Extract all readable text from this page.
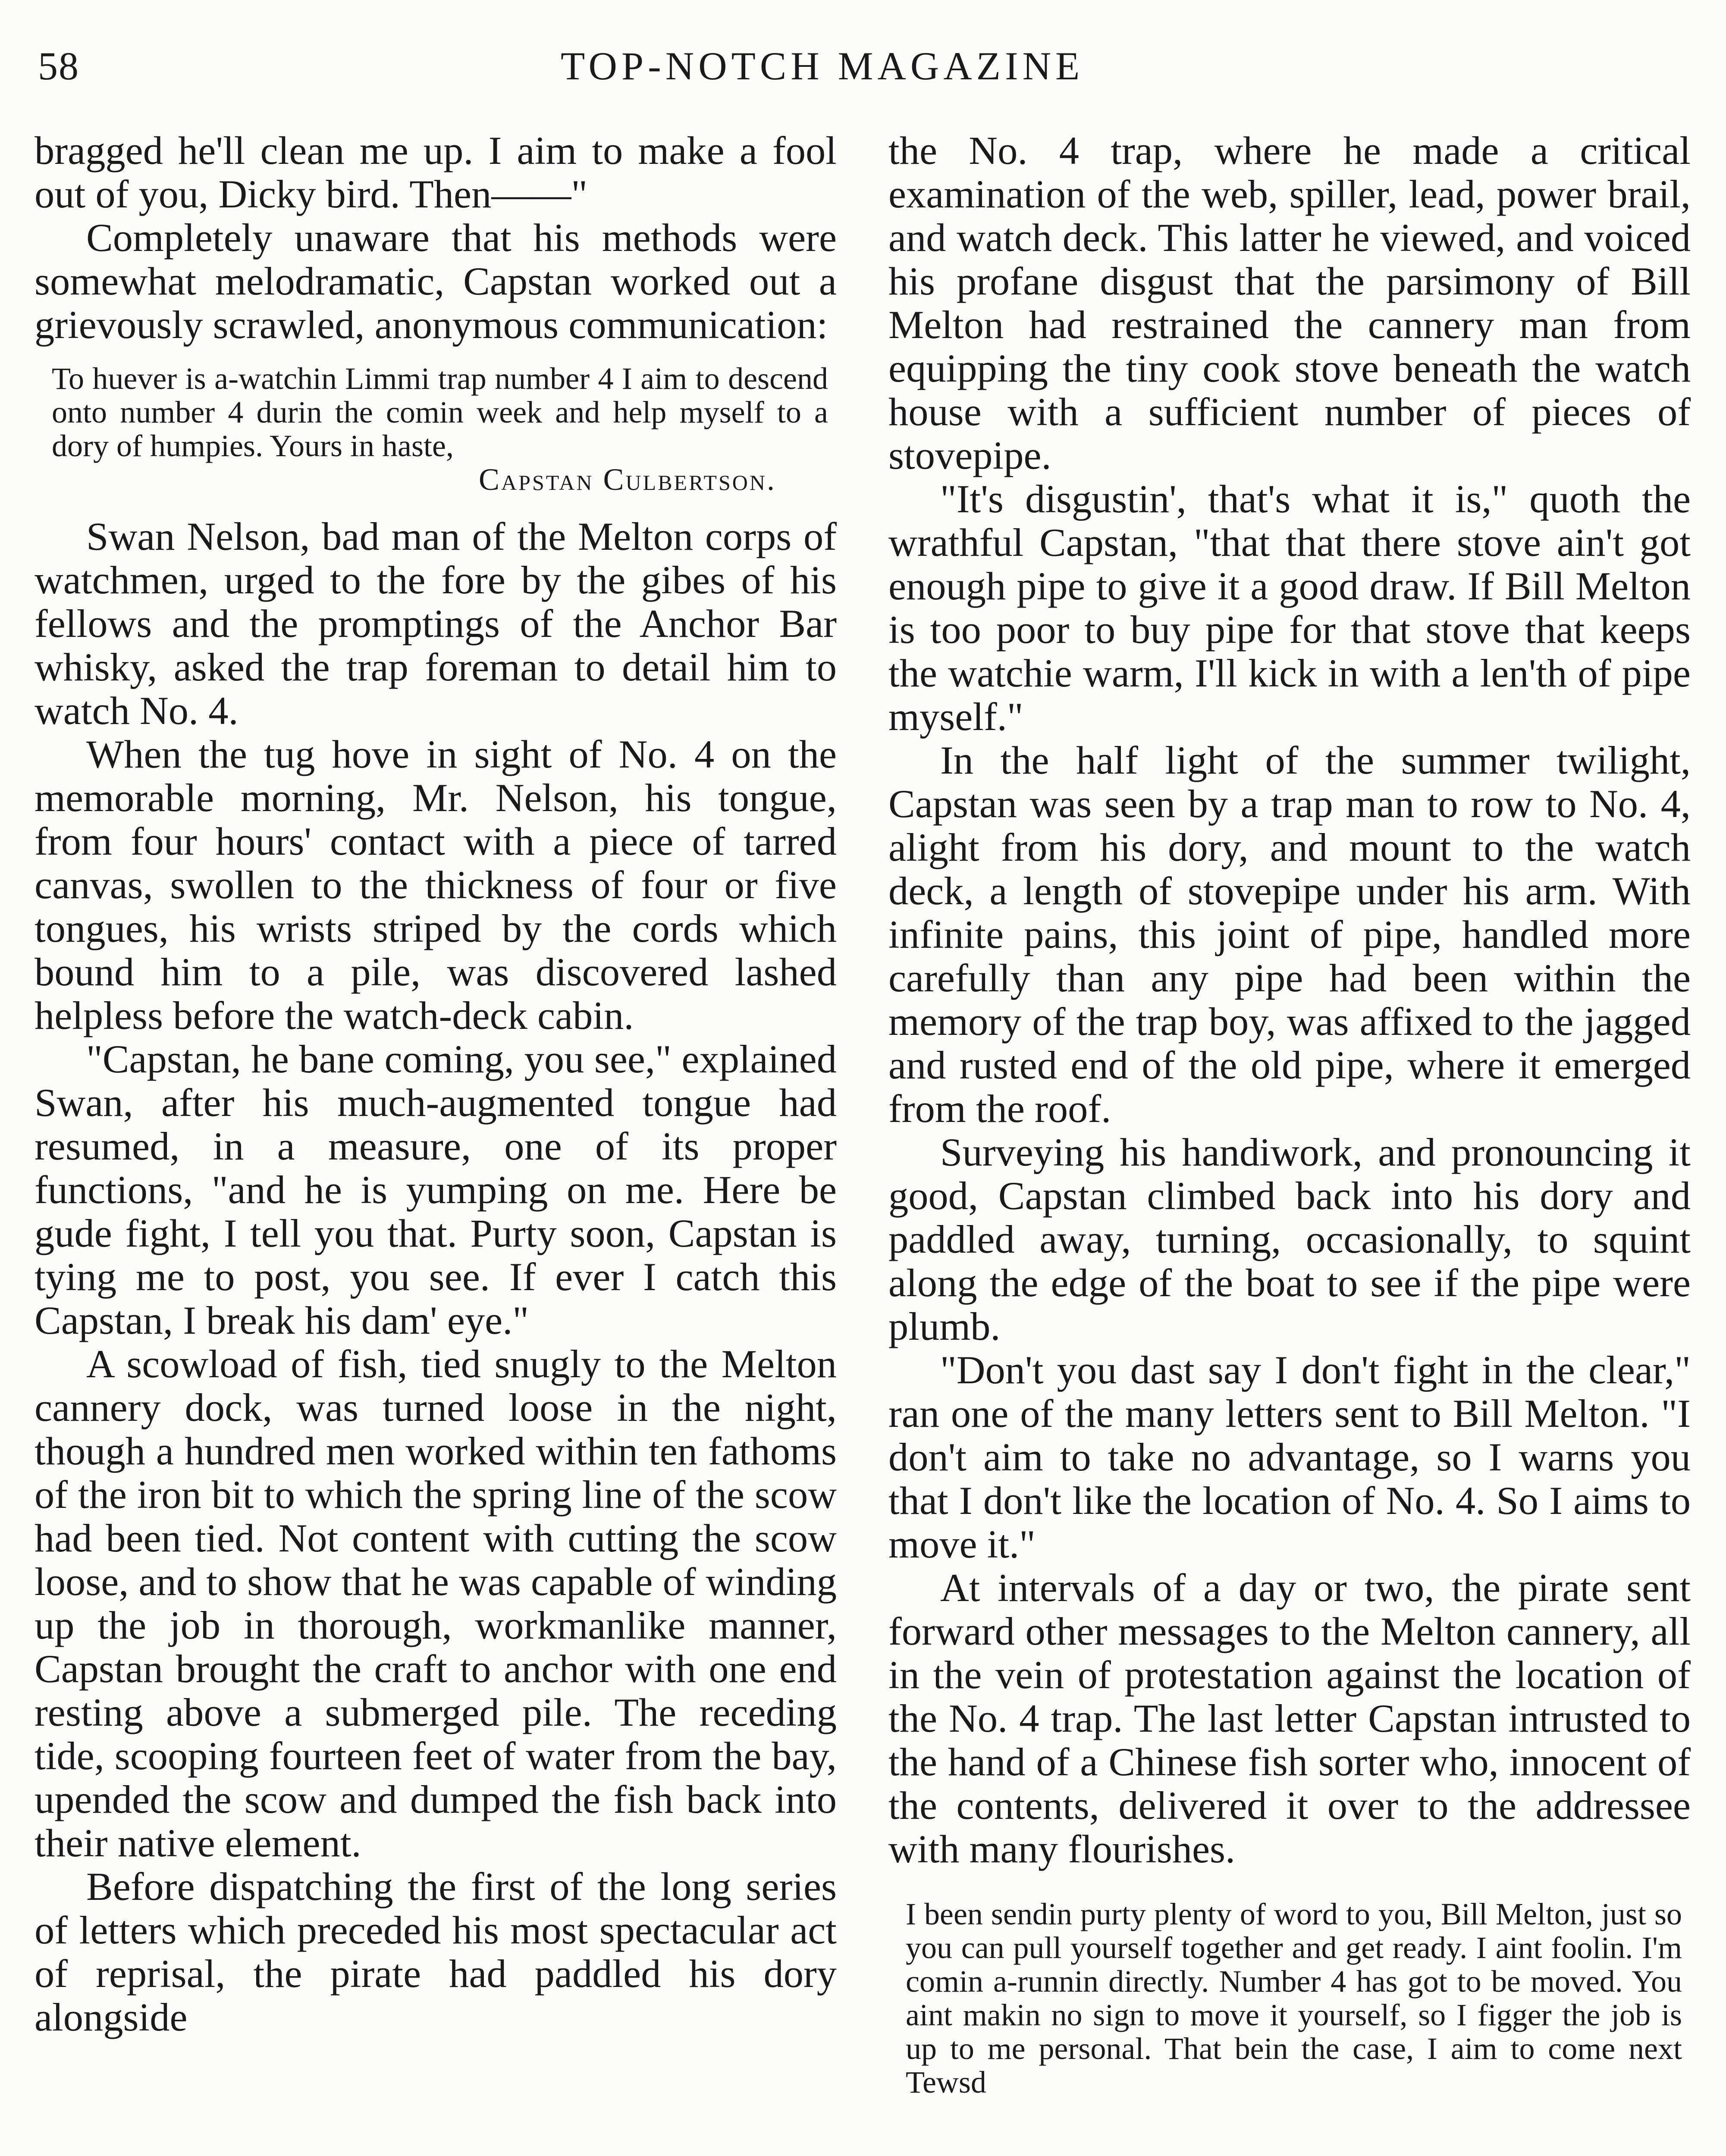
58	TOP-NOTCH MAGAZINE

bragged he'll clean me up. I aim to make a fool out of you, Dicky bird. Then——"

Completely unaware that his methods were somewhat melodramatic, Capstan worked out a grievously scrawled, anonymous communication:

To huever is a-watchin Limmi trap number 4 I aim to descend onto number 4 durin the comin week and help myself to a dory of humpies. Yours in haste,
Capstan Culbertson.

Swan Nelson, bad man of the Melton corps of watchmen, urged to the fore by the gibes of his fellows and the promptings of the Anchor Bar whisky, asked the trap foreman to detail him to watch No. 4.

When the tug hove in sight of No. 4 on the memorable morning, Mr. Nelson, his tongue, from four hours' contact with a piece of tarred canvas, swollen to the thickness of four or five tongues, his wrists striped by the cords which bound him to a pile, was discovered lashed helpless before the watch-deck cabin.

"Capstan, he bane coming, you see," explained Swan, after his much-augmented tongue had resumed, in a measure, one of its proper functions, "and he is yumping on me. Here be gude fight, I tell you that. Purty soon, Capstan is tying me to post, you see. If ever I catch this Capstan, I break his dam' eye."

A scowload of fish, tied snugly to the Melton cannery dock, was turned loose in the night, though a hundred men worked within ten fathoms of the iron bit to which the spring line of the scow had been tied. Not content with cutting the scow loose, and to show that he was capable of winding up the job in thorough, workmanlike manner, Capstan brought the craft to anchor with one end resting above a submerged pile. The receding tide, scooping fourteen feet of water from the bay, upended the scow and dumped the fish back into their native element.

Before dispatching the first of the long series of letters which preceded his most spectacular act of reprisal, the pirate had paddled his dory alongside

the No. 4 trap, where he made a critical examination of the web, spiller, lead, power brail, and watch deck. This latter he viewed, and voiced his profane disgust that the parsimony of Bill Melton had restrained the cannery man from equipping the tiny cook stove beneath the watch house with a sufficient number of pieces of stovepipe.

"It's disgustin', that's what it is," quoth the wrathful Capstan, "that that there stove ain't got enough pipe to give it a good draw. If Bill Melton is too poor to buy pipe for that stove that keeps the watchie warm, I'll kick in with a len'th of pipe myself."

In the half light of the summer twilight, Capstan was seen by a trap man to row to No. 4, alight from his dory, and mount to the watch deck, a length of stovepipe under his arm. With infinite pains, this joint of pipe, handled more carefully than any pipe had been within the memory of the trap boy, was affixed to the jagged and rusted end of the old pipe, where it emerged from the roof.

Surveying his handiwork, and pronouncing it good, Capstan climbed back into his dory and paddled away, turning, occasionally, to squint along the edge of the boat to see if the pipe were plumb.

"Don't you dast say I don't fight in the clear," ran one of the many letters sent to Bill Melton. "I don't aim to take no advantage, so I warns you that I don't like the location of No. 4. So I aims to move it."

At intervals of a day or two, the pirate sent forward other messages to the Melton cannery, all in the vein of protestation against the location of the No. 4 trap. The last letter Capstan intrusted to the hand of a Chinese fish sorter who, innocent of the contents, delivered it over to the addressee with many flourishes.

I been sendin purty plenty of word to you, Bill Melton, just so you can pull yourself together and get ready. I aint foolin. I'm comin a-runnin directly. Number 4 has got to be moved. You aint makin no sign to move it yourself, so I figger the job is up to me personal. That bein the case, I aim to come next Tewsd
